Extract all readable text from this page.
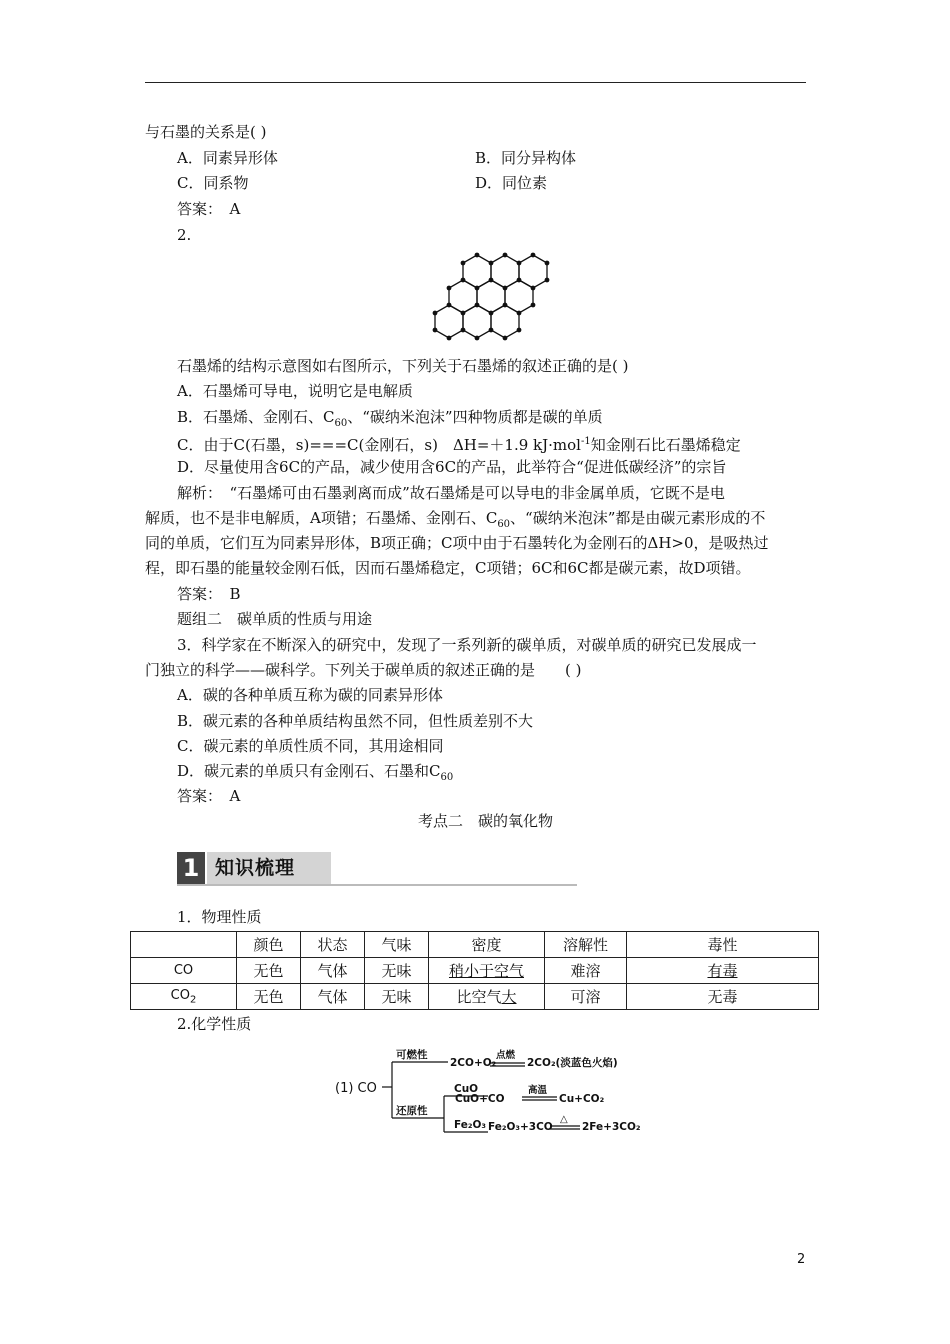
与石墨的关系是( )
A．同素异形体	B．同分异构体
C．同系物	D．同位素
答案：　A
2.
石墨烯的结构示意图如右图所示，下列关于石墨烯的叙述正确的是( )
A．石墨烯可导电，说明它是电解质
B．石墨烯、金刚石、$C_{60}$、“碳纳米泡沫”四种物质都是碳的单质
C．由于C(石墨，s)===C(金刚石，s)　ΔH=＋1.9 kJ·mol$^{-1}$知金刚石比石墨烯稳定
D．尽量使用含6C的产品，减少使用含6C的产品，此举符合“促进低碳经济”的宗旨
解析：　“石墨烯可由石墨剥离而成”故石墨烯是可以导电的非金属单质，它既不是电
解质，也不是非电解质，A项错；石墨烯、金刚石、$C_{60}$、“碳纳米泡沫”都是由碳元素形成的不
同的单质，它们互为同素异形体，B项正确；C项中由于石墨转化为金刚石的ΔH>0，是吸热过
程，即石墨的能量较金刚石低，因而石墨烯稳定，C项错；6C和6C都是碳元素，故D项错。
答案：　B
题组二　碳单质的性质与用途
3．科学家在不断深入的研究中，发现了一系列新的碳单质，对碳单质的研究已发展成一
门独立的科学——碳科学。下列关于碳单质的叙述正确的是　　( )
A．碳的各种单质互称为碳的同素异形体
B．碳元素的各种单质结构虽然不同，但性质差别不大
C．碳元素的单质性质不同，其用途相同
D．碳元素的单质只有金刚石、石墨和$C_{60}$
答案：　A
考点二　碳的氧化物
1 知识梳理
1．物理性质
	颜色	状态	气味	密度	溶解性	毒性
CO	无色	气体	无味	稍小于空气	难溶	有毒
$CO_2$	无色	气体	无味	比空气大	可溶	无毒
2.化学性质
(1) CO
可燃性
还原性
2CO+O₂
点燃
2CO₂(淡蓝色火焰)
CuO
CuO+CO
高温
Cu+CO₂
Fe₂O₃ Fe₂O₃+3CO
△
2Fe+3CO₂
2
